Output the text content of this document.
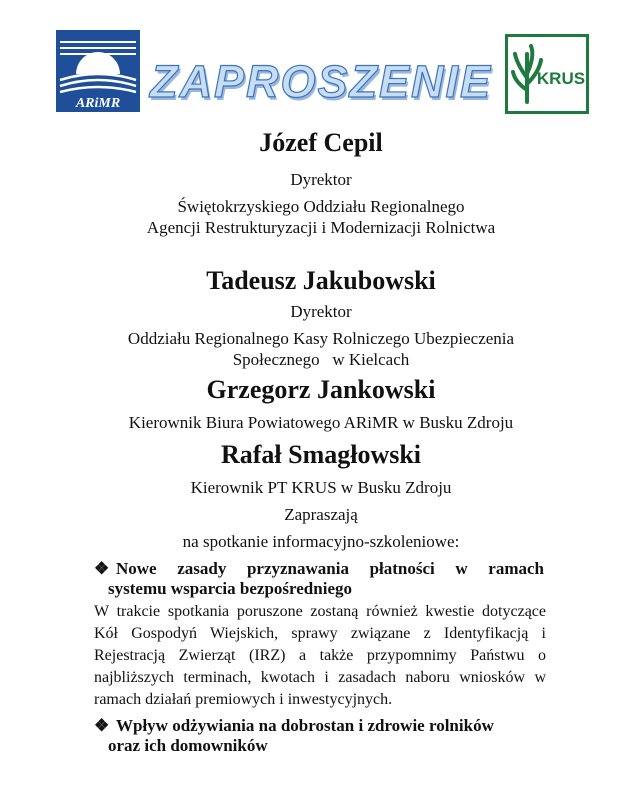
ARiMR ZAPROSZENIE	KRUS
Józef Cepil
Dyrektor
Świętokrzyskiego Oddziału Regionalnego
Agencji Restrukturyzacji i Modernizacji Rolnictwa
Tadeusz Jakubowski
Dyrektor
Oddziału Regionalnego Kasy Rolniczego Ubezpieczenia
Społecznego   w Kielcach
Grzegorz Jankowski
Kierownik Biura Powiatowego ARiMR w Busku Zdroju
Rafał Smagłowski
Kierownik PT KRUS w Busku Zdroju
Zapraszają
na spotkanie informacyjno-szkoleniowe:
❖ Nowe zasady przyznawania płatności w ramach
systemu wsparcia bezpośredniego
W trakcie spotkania poruszone zostaną również kwestie dotyczące Kół Gospodyń Wiejskich, sprawy związane z Identyfikacją i Rejestracją Zwierząt (IRZ) a także przypomnimy Państwu o najbliższych terminach, kwotach i zasadach naboru wniosków w ramach działań premiowych i inwestycyjnych.
❖ Wpływ odżywiania na dobrostan i zdrowie rolników
oraz ich domowników
